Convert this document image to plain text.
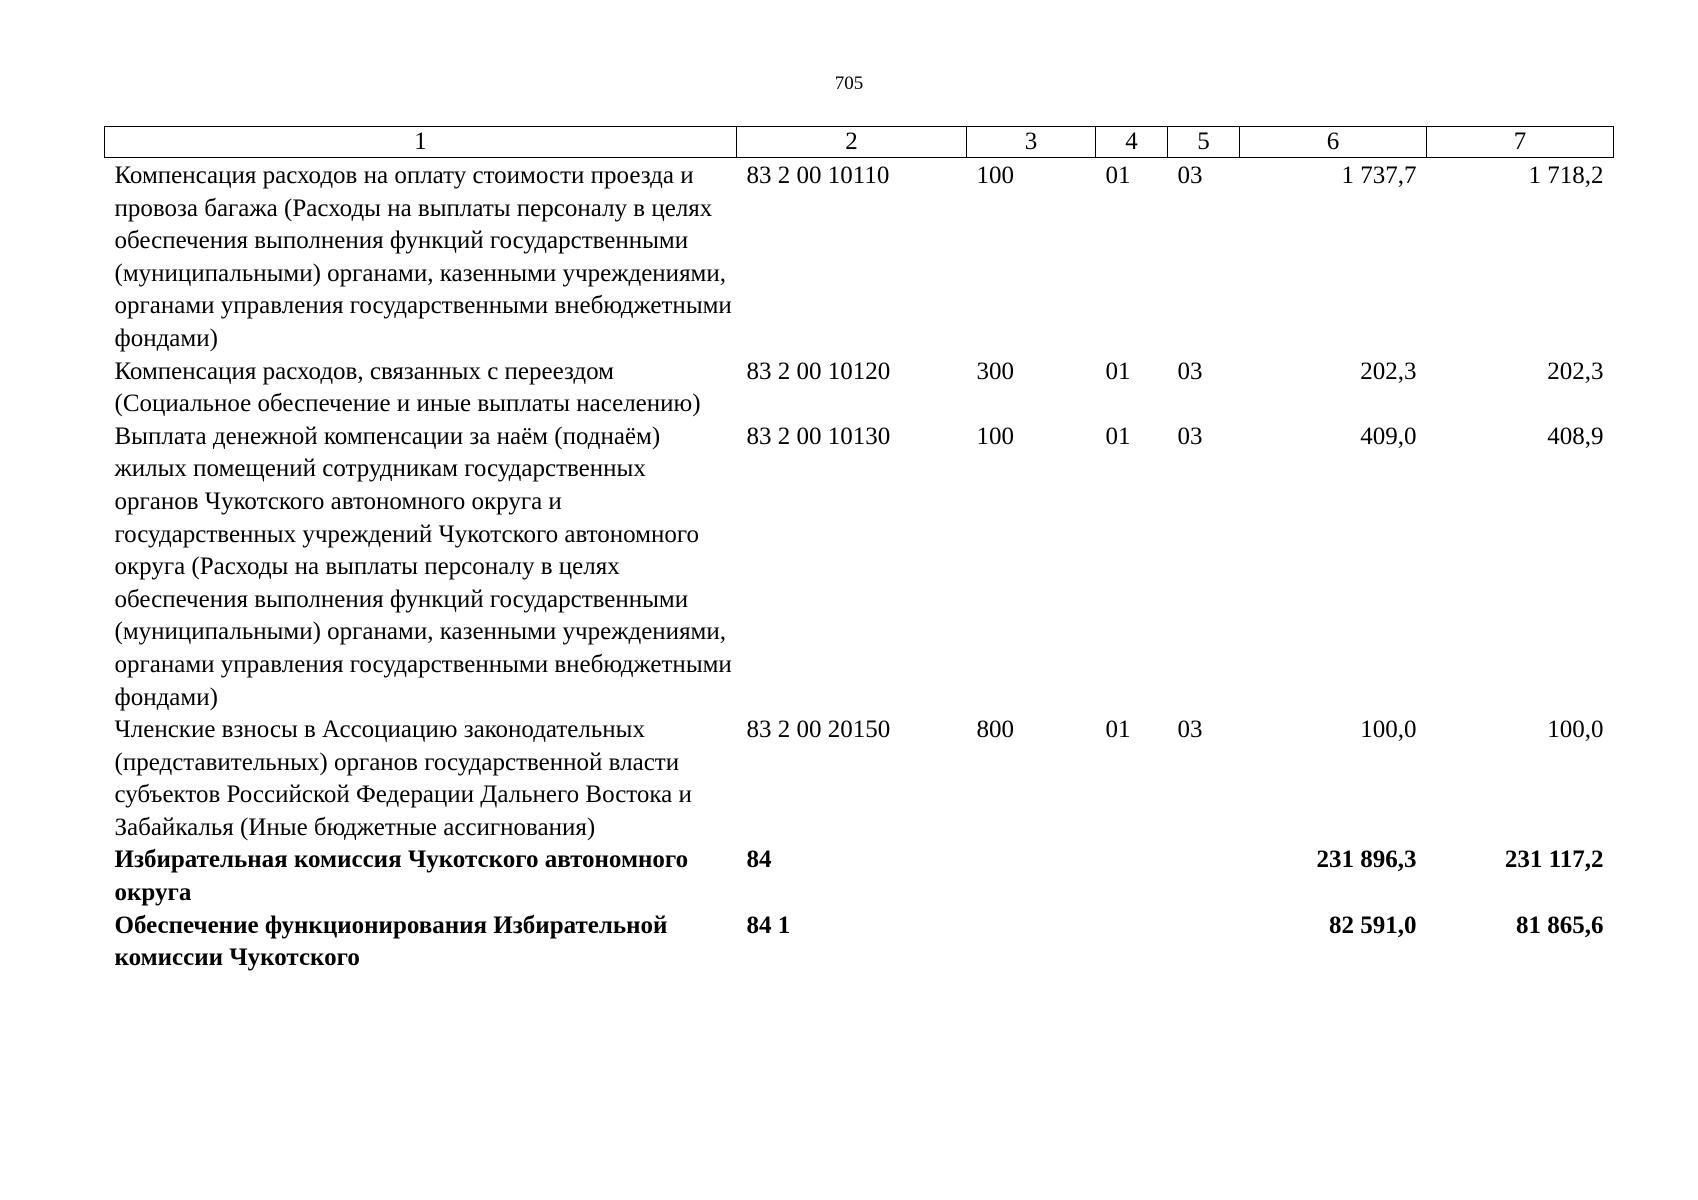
705
1	2	3	4	5	6	7
Компенсация расходов на оплату стоимости проезда и провоза багажа (Расходы на выплаты персоналу в целях обеспечения выполнения функций государственными (муниципальными) органами, казенными учреждениями, органами управления государственными внебюджетными фондами)	83 2 00 10110	100	01	03	1 737,7	1 718,2
Компенсация расходов, связанных с переездом (Социальное обеспечение и иные выплаты населению)	83 2 00 10120	300	01	03	202,3	202,3
Выплата денежной компенсации за наём (поднаём) жилых помещений сотрудникам государственных органов Чукотского автономного округа и государственных учреждений Чукотского автономного округа (Расходы на выплаты персоналу в целях обеспечения выполнения функций государственными (муниципальными) органами, казенными учреждениями, органами управления государственными внебюджетными фондами)	83 2 00 10130	100	01	03	409,0	408,9
Членские взносы в Ассоциацию законодательных (представительных) органов государственной власти субъектов Российской Федерации Дальнего Востока и Забайкалья (Иные бюджетные ассигнования)	83 2 00 20150	800	01	03	100,0	100,0
Избирательная комиссия Чукотского автономного округа	84				231 896,3	231 117,2
Обеспечение функционирования Избирательной комиссии Чукотского	84 1				82 591,0	81 865,6
